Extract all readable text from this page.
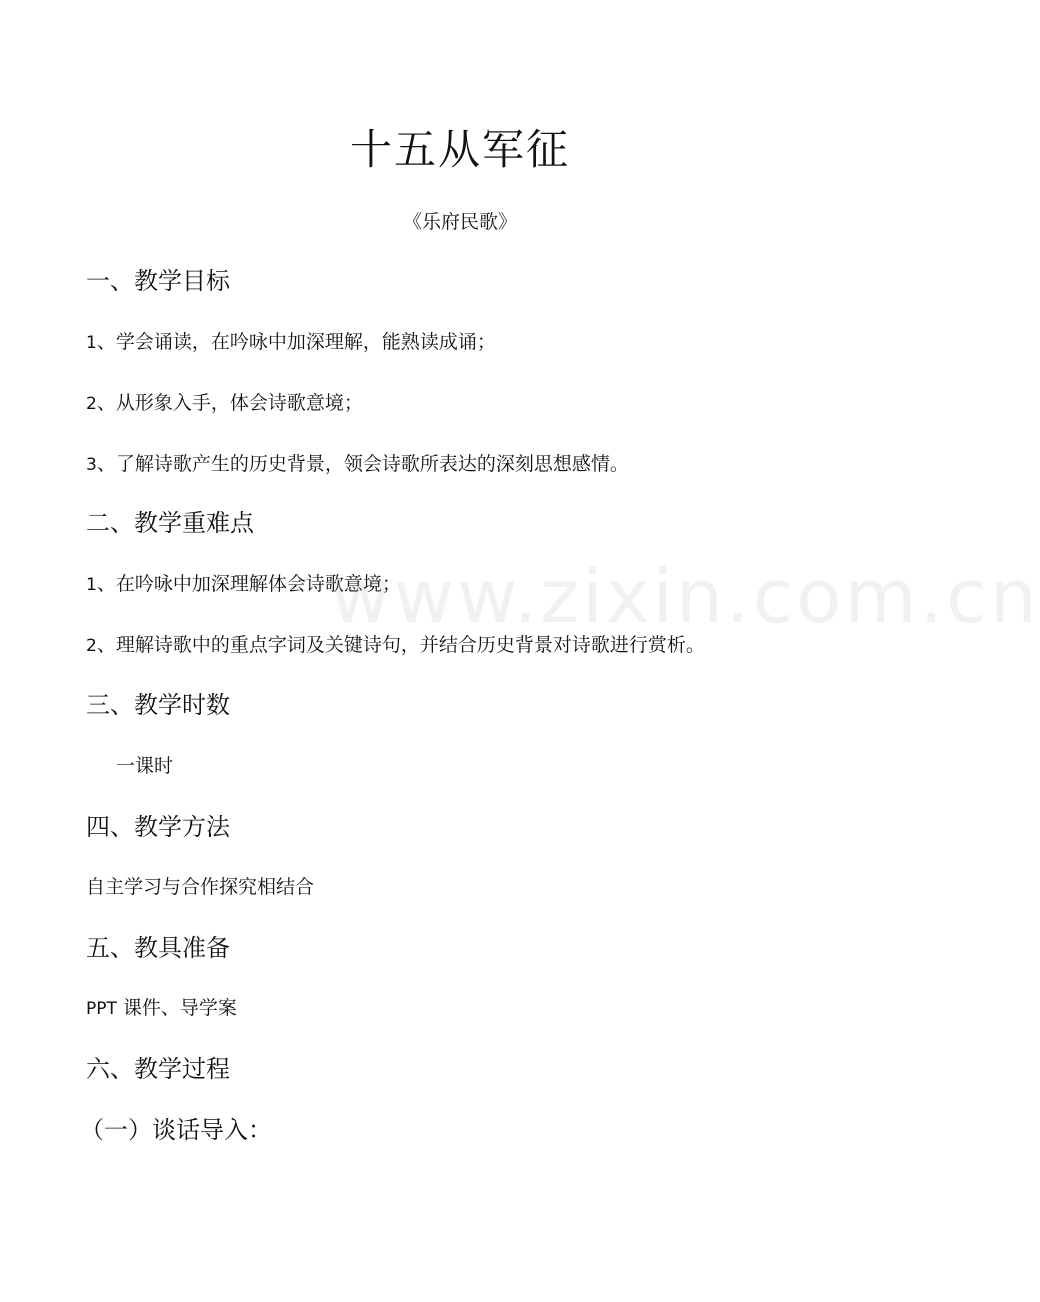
十五从军征
《乐府民歌》
一、教学目标
1、学会诵读，在吟咏中加深理解，能熟读成诵；
2、从形象入手，体会诗歌意境；
3、了解诗歌产生的历史背景，领会诗歌所表达的深刻思想感情。
二、教学重难点
1、在吟咏中加深理解体会诗歌意境；
2、理解诗歌中的重点字词及关键诗句，并结合历史背景对诗歌进行赏析。
三、教学时数
一课时
四、教学方法
自主学习与合作探究相结合
五、教具准备
PPT 课件、导学案
六、教学过程
（一）谈话导入：
www.zixin.com.cn
